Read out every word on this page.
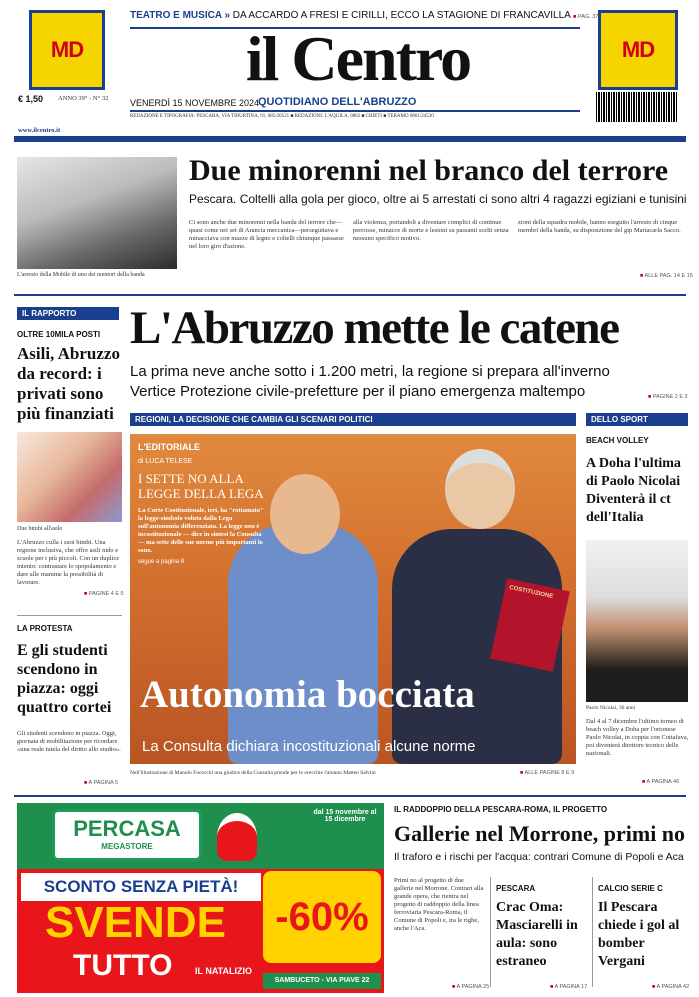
MD	MD
TEATRO E MUSICA » DA ACCARDO A FRESI E CIRILLI, ECCO LA STAGIONE DI FRANCAVILLA ■ PAG. 37
il Centro
€ 1,50 ANNO 39° - N° 32
www.ilcentro.it
VENERDÌ 15 NOVEMBRE 2024
QUOTIDIANO DELL'ABRUZZO
REDAZIONE E TIPOGRAFIA: PESCARA, VIA TIBURTINA, 91, 085/20521 ■ REDAZIONI: L'AQUILA, 0862 ■ CHIETI ■ TERAMO 0861/24530
L'arresto della Mobile di uno dei mentori della banda
Due minorenni nel branco del terrore
Pescara. Coltelli alla gola per gioco, oltre ai 5 arrestati ci sono altri 4 ragazzi egiziani e tunisini
Ci sono anche due minorenni nella banda del terrore che—quasi come nei set di Arancia meccanica—perseguitava e minacciava con mazze di legno e coltelli chiunque passasse nel loro giro d'azione.
alla violenza, portandoli a diventare complici di continue percosse, minacce di morte e lesioni su passanti scelti senza nessuno specifico motivo.
zioni della squadra mobile, hanno eseguito l'arresto di cinque membri della banda, su disposizione del gip Mariacarla Sacco.
■ ALLE PAG. 14 E 15
IL RAPPORTO
OLTRE 10MILA POSTI
Asili, Abruzzo da record: i privati sono più finanziati
Due bimbi all'asilo
L'Abruzzo culla i suoi bimbi. Una regione inclusiva, che offre asili nido e scuole per i più piccoli. Con un duplice intento: contrastare lo spopolamento e dare alle mamme la possibilità di lavorare.
■ PAGINE 4 E 5
LA PROTESTA
E gli studenti scendono in piazza: oggi quattro cortei
Gli studenti scendono in piazza. Oggi, giornata di mobilitazione per ricordare «una reale tutela del diritto allo studio».
■ A PAGINA 5
L'Abruzzo mette le catene
La prima neve anche sotto i 1.200 metri, la regione si prepara all'inverno
Vertice Protezione civile-prefetture per il piano emergenza maltempo	■ PAGINE 2 E 3
REGIONI, LA DECISIONE CHE CAMBIA GLI SCENARI POLITICI
COSTITUZIONE
L'EDITORIALE
di LUCA TELESE
I SETTE NO ALLA LEGGE DELLA LEGA
La Corte Costituzionale, ieri, ha "rottamato" la legge-simbolo voluta dalla Lega sull'autonomia differenziata. La legge non è incostituzionale — dice in sintesi la Consulta — ma sette delle sue norme più importanti lo sono.
segue a pagina 8
Autonomia bocciata
La Consulta dichiara incostituzionali alcune norme
Nell'illustrazione di Manolo Fucecchi una giudice della Consulta prende per le orecchie l'alunno Matteo Salvini	■ ALLE PAGINE 8 E 9
DELLO SPORT
BEACH VOLLEY
A Doha l'ultima di Paolo Nicolai Diventerà il ct dell'Italia
Paolo Nicolai, 36 anni
Dal 4 al 7 dicembre l'ultimo torneo di beach volley a Doha per l'ortonese Paolo Nicolai, in coppia con Cottafava, poi diventerà direttore tecnico delle nazionali.
■ A PAGINA 46
PERCASA
MEGASTORE
dal 15 novembre al 15 dicembre
SCONTO SENZA PIETÀ!
SVENDE
TUTTO	IL NATALIZIO
-60%
SAMBUCETO - VIA PIAVE 22
IL RADDOPPIO DELLA PESCARA-ROMA, IL PROGETTO
Gallerie nel Morrone, primi no
Il traforo e i rischi per l'acqua: contrari Comune di Popoli e Aca
Primi no al progetto di due gallerie nel Morrone. Contrari alla grande opera, che rientra nel progetto di raddoppio della linea ferroviaria Pescara-Roma, il Comune di Popoli e, tra le righe, anche l'Aca.
■ A PAGINA 25
PESCARA
Crac Oma: Masciarelli in aula: sono estraneo
■ A PAGINA 17
CALCIO SERIE C
Il Pescara chiede i gol al bomber Vergani
■ A PAGINA 42
